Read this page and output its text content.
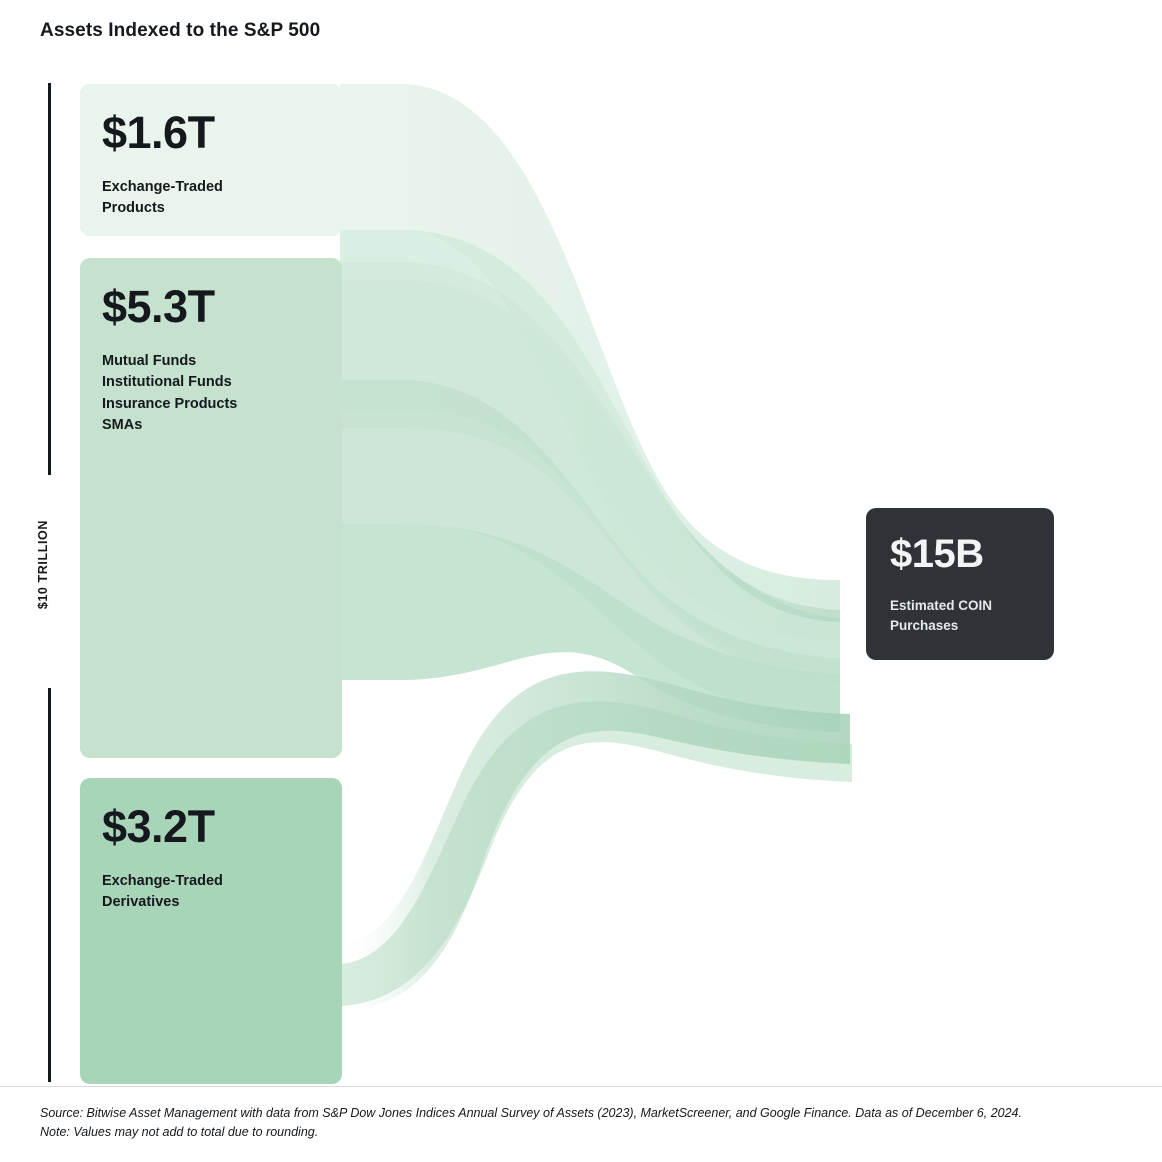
Assets Indexed to the S&P 500
$10 TRILLION
$1.6T
Exchange-Traded
Products
$5.3T
Mutual Funds
Institutional Funds
Insurance Products
SMAs
$3.2T
Exchange-Traded
Derivatives
$15B
Estimated COIN
Purchases
Source: Bitwise Asset Management with data from S&P Dow Jones Indices Annual Survey of Assets (2023), MarketScreener, and Google Finance. Data as of December 6, 2024.
Note: Values may not add to total due to rounding.
